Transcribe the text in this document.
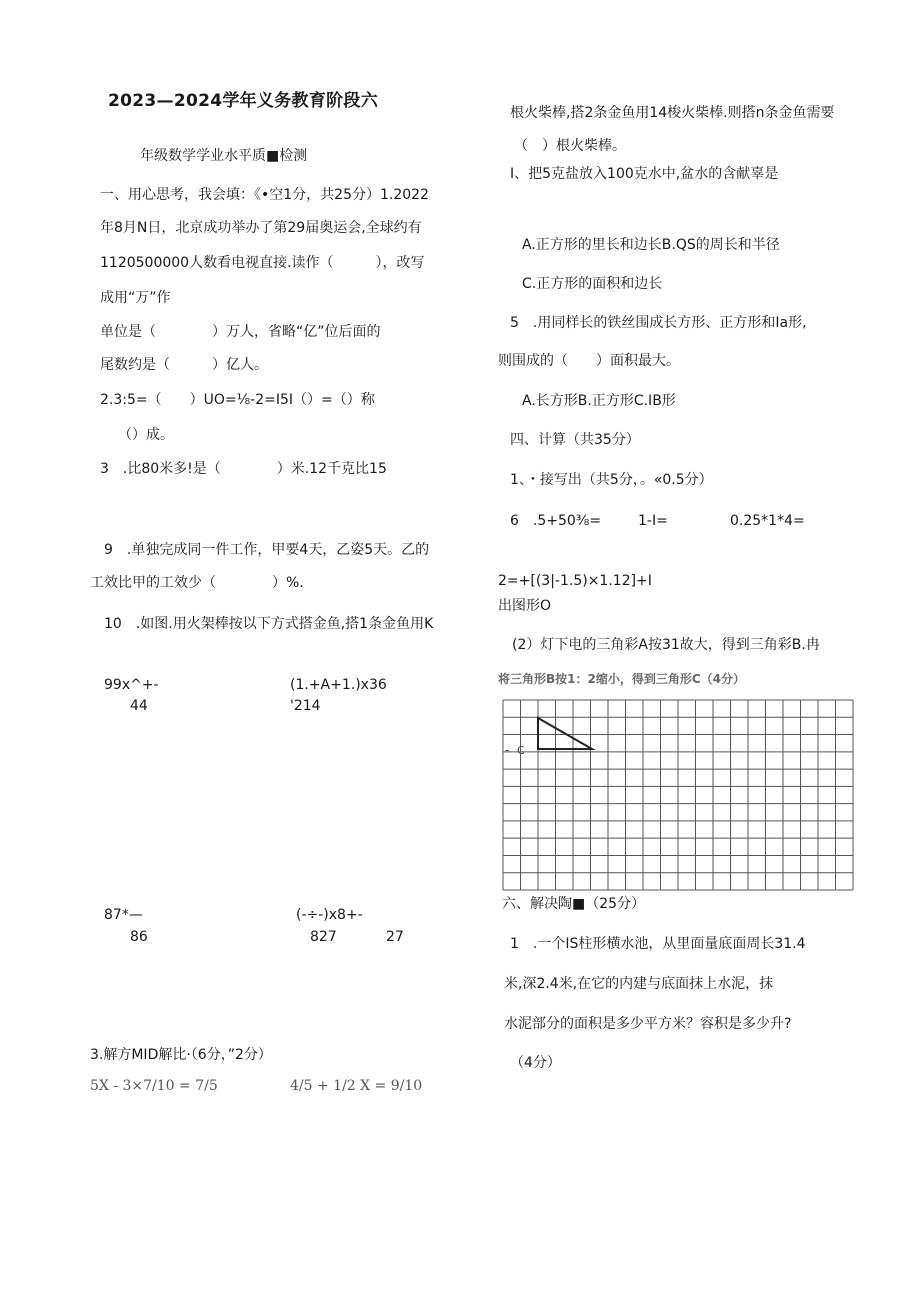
2023—2024学年义务教育阶段六
年级数学学业水平质■检测
一、用心思考，我会填：《•空1分，共25分）1.2022
年8月N日，北京成功举办了第29届奥运会,全球约有
1120500000人数看电视直接.读作（　　　），改写
成用“万”作
单位是（　　　　）万人，省略“亿”位后面的
尾数约是（　　　）亿人。
2.3:5=（　　）UO=⅛-2=I5I（）=（）称
（）成。
3　.比80米多!是（　　　　）米.12千克比15
9　.单独完成同一件工作，甲要4天，乙姿5天。乙的
工效比甲的工效少（　　　　）%.
10　.如图.用火架棒按以下方式搭金鱼,搭1条金鱼用K
99x^+-
44
(1.+A+1.)x36
'214
87*—
86
(-÷-)x8+-
827	27
3.解方MID解比·（6分，”2分）
5X - 3×7/10 = 7/5	4/5 + 1/2 X = 9/10
根火柴棒,搭2条金鱼用14梭火柴棒.则搭n条金鱼需要
（　）根火柴棒。
I、把5克盐放入100克水中,盆水的含献辜是
A.正方形的里长和边长B.QS的周长和半径
C.正方形的面积和边长
5　.用同样长的铁丝围成长方形、正方形和Ia形,
则围成的（　　）面积最大。
A.长方形B.正方形C.IB形
四、计算（共35分）
1、・接写出（共5分，。«0.5分）
6　.5+50⅜=	1-I=	0.25*1*4=
2=+[(3|-1.5)×1.12]+I
出图形O
(2）灯下电的三角彩A按31故大，得到三角彩B.冉
将三角形B按1：2缩小，得到三角形C（4分）
- C
六、解决陶■（25分）
1　.一个IS柱形横水池，从里面量底面周长31.4
米,深2.4米,在它的内建与底面抹上水泥，抹
水泥部分的面积是多少平方米？容积是多少升?
（4分）
